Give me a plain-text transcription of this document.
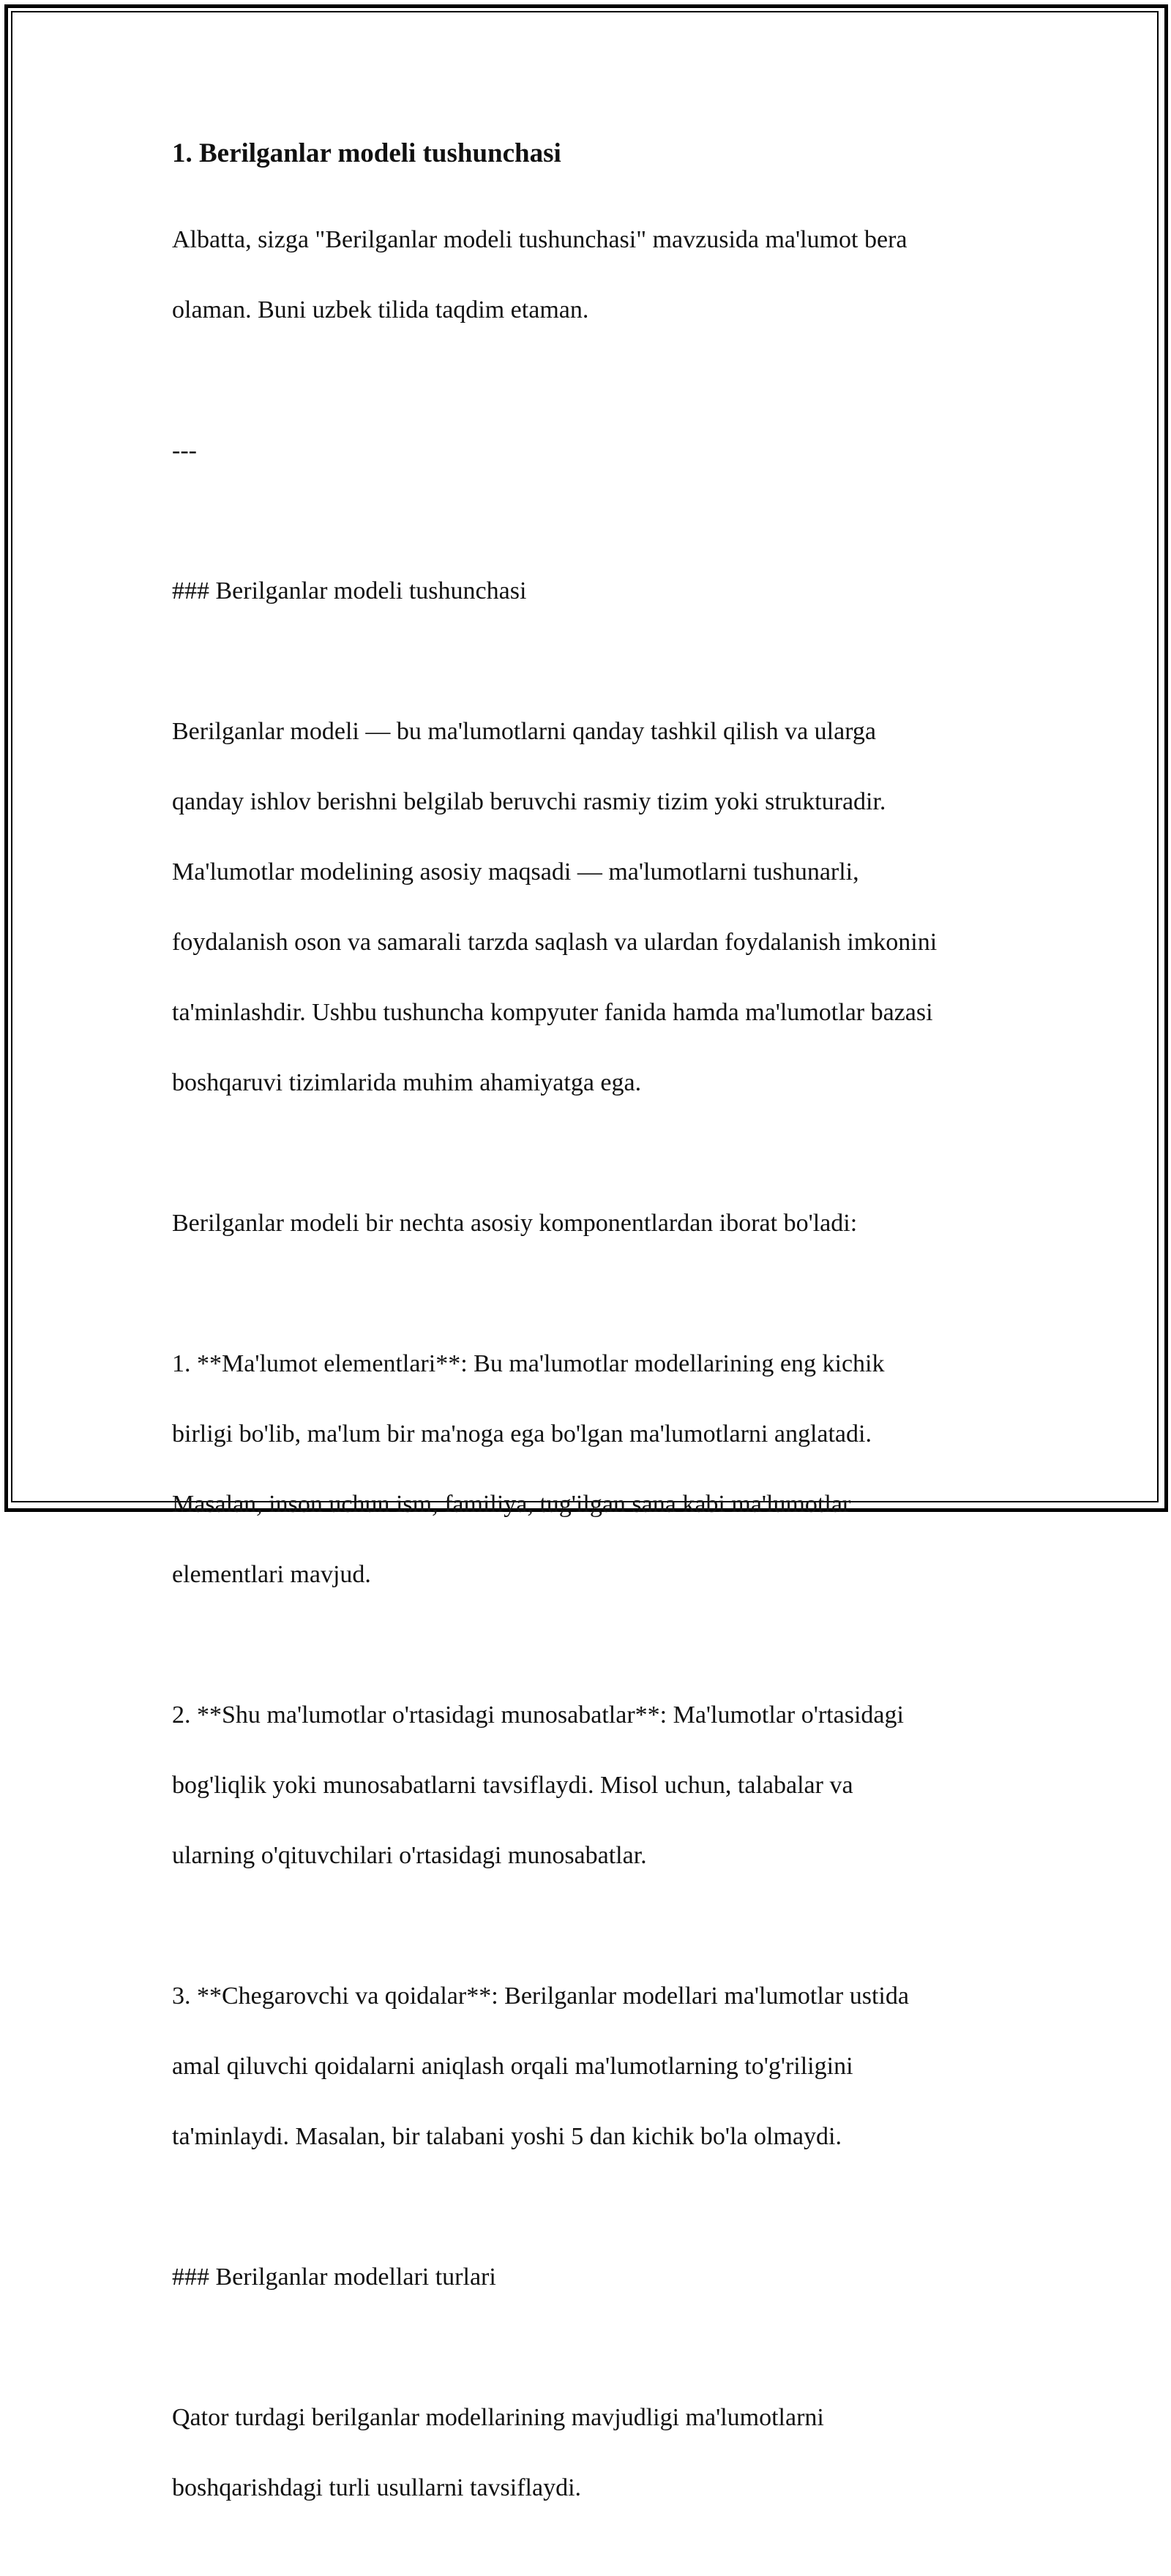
1. Berilganlar modeli tushunchasi

Albatta, sizga "Berilganlar modeli tushunchasi" mavzusida ma'lumot bera

olaman. Buni uzbek tilida taqdim etaman.

---

### Berilganlar modeli tushunchasi

Berilganlar modeli — bu ma'lumotlarni qanday tashkil qilish va ularga

qanday ishlov berishni belgilab beruvchi rasmiy tizim yoki strukturadir.

Ma'lumotlar modelining asosiy maqsadi — ma'lumotlarni tushunarli,

foydalanish oson va samarali tarzda saqlash va ulardan foydalanish imkonini

ta'minlashdir. Ushbu tushuncha kompyuter fanida hamda ma'lumotlar bazasi

boshqaruvi tizimlarida muhim ahamiyatga ega.

Berilganlar modeli bir nechta asosiy komponentlardan iborat bo'ladi:

1. **Ma'lumot elementlari**: Bu ma'lumotlar modellarining eng kichik

birligi bo'lib, ma'lum bir ma'noga ega bo'lgan ma'lumotlarni anglatadi.

Masalan, inson uchun ism, familiya, tug'ilgan sana kabi ma'lumotlar

elementlari mavjud.

2. **Shu ma'lumotlar o'rtasidagi munosabatlar**: Ma'lumotlar o'rtasidagi

bog'liqlik yoki munosabatlarni tavsiflaydi. Misol uchun, talabalar va

ularning o'qituvchilari o'rtasidagi munosabatlar.

3. **Chegarovchi va qoidalar**: Berilganlar modellari ma'lumotlar ustida

amal qiluvchi qoidalarni aniqlash orqali ma'lumotlarning to'g'riligini

ta'minlaydi. Masalan, bir talabani yoshi 5 dan kichik bo'la olmaydi.

### Berilganlar modellari turlari

Qator turdagi berilganlar modellarining mavjudligi ma'lumotlarni

boshqarishdagi turli usullarni tavsiflaydi.
